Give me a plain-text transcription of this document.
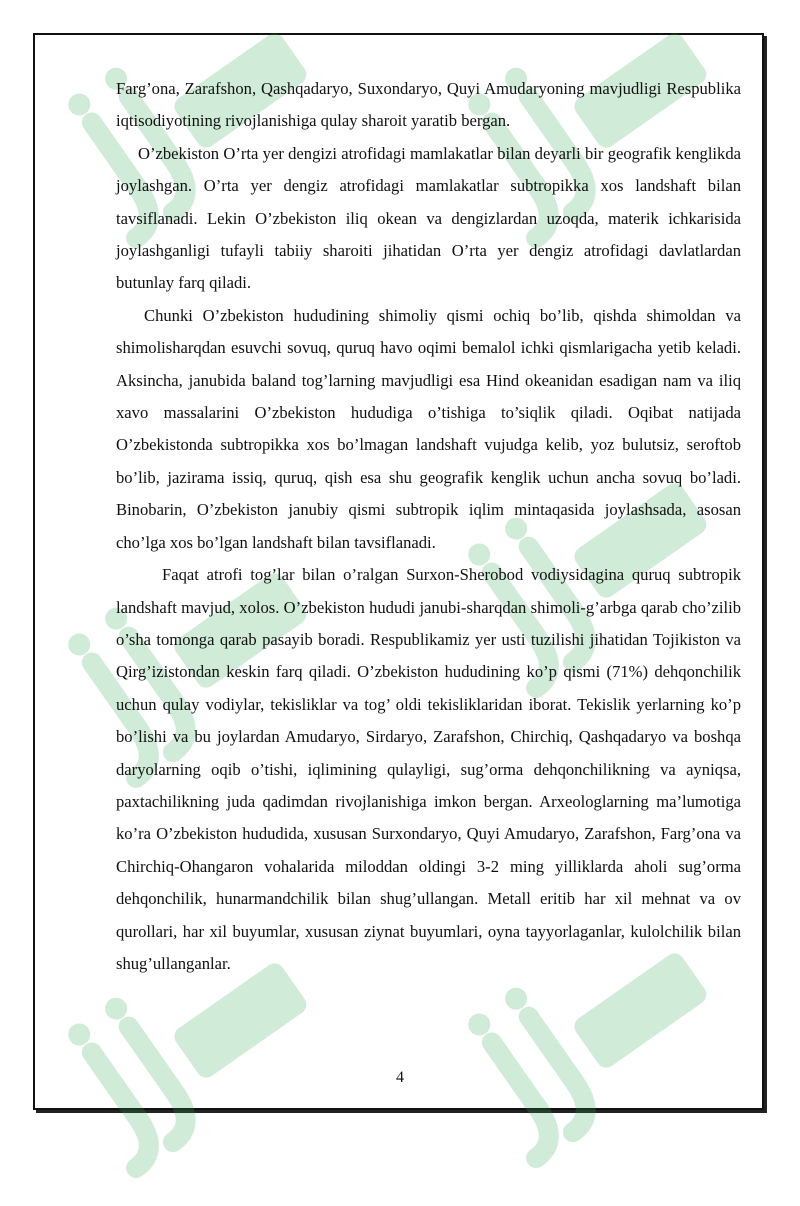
Farg’ona, Zarafshon, Qashqadaryo, Suxondaryo, Quyi Amudaryoning mavjudligi Respublika iqtisodiyotining rivojlanishiga qulay sharoit yaratib bergan.

O’zbekiston O’rta yer dengizi atrofidagi mamlakatlar bilan deyarli bir geografik kenglikda joylashgan. O’rta yer dengiz atrofidagi mamlakatlar subtropikka xos landshaft bilan tavsiflanadi. Lekin O’zbekiston iliq okean va dengizlardan uzoqda, materik ichkarisida joylashganligi tufayli tabiiy sharoiti jihatidan O’rta yer dengiz atrofidagi davlatlardan butunlay farq qiladi.

Chunki O’zbekiston hududining shimoliy qismi ochiq bo’lib, qishda shimoldan va shimolisharqdan esuvchi sovuq, quruq havo oqimi bemalol ichki qismlarigacha yetib keladi. Aksincha, janubida baland tog’larning mavjudligi esa Hind okeanidan esadigan nam va iliq xavo massalarini O’zbekiston hududiga o’tishiga to’siqlik qiladi. Oqibat natijada O’zbekistonda subtropikka xos bo’lmagan landshaft vujudga kelib, yoz bulutsiz, seroftob bo’lib, jazirama issiq, quruq, qish esa shu geografik kenglik uchun ancha sovuq bo’ladi. Binobarin, O’zbekiston janubiy qismi subtropik iqlim mintaqasida joylashsada, asosan cho’lga xos bo’lgan landshaft bilan tavsiflanadi.

Faqat atrofi tog’lar bilan o’ralgan Surxon-Sherobod vodiysidagina quruq subtropik landshaft mavjud, xolos. O’zbekiston hududi janubi-sharqdan shimoli-g’arbga qarab cho’zilib o’sha tomonga qarab pasayib boradi. Respublikamiz yer usti tuzilishi jihatidan Tojikiston va Qirg’izistondan keskin farq qiladi. O’zbekiston hududining ko’p qismi (71%) dehqonchilik uchun qulay vodiylar, tekisliklar va tog’ oldi tekisliklaridan iborat. Tekislik yerlarning ko’p bo’lishi va bu joylardan Amudaryo, Sirdaryo, Zarafshon, Chirchiq, Qashqadaryo va boshqa daryolarning oqib o’tishi, iqlimining qulayligi, sug’orma dehqonchilikning va ayniqsa, paxtachilikning juda qadimdan rivojlanishiga imkon bergan. Arxeologlarning ma’lumotiga ko’ra O’zbekiston hududida, xususan Surxondaryo, Quyi Amudaryo, Zarafshon, Farg’ona va Chirchiq-Ohangaron vohalarida miloddan oldingi 3-2 ming yilliklarda aholi sug’orma dehqonchilik, hunarmandchilik bilan shug’ullangan. Metall eritib har xil mehnat va ov qurollari, har xil buyumlar, xususan ziynat buyumlari, oyna tayyorlaganlar, kulolchilik bilan shug’ullanganlar.

4
